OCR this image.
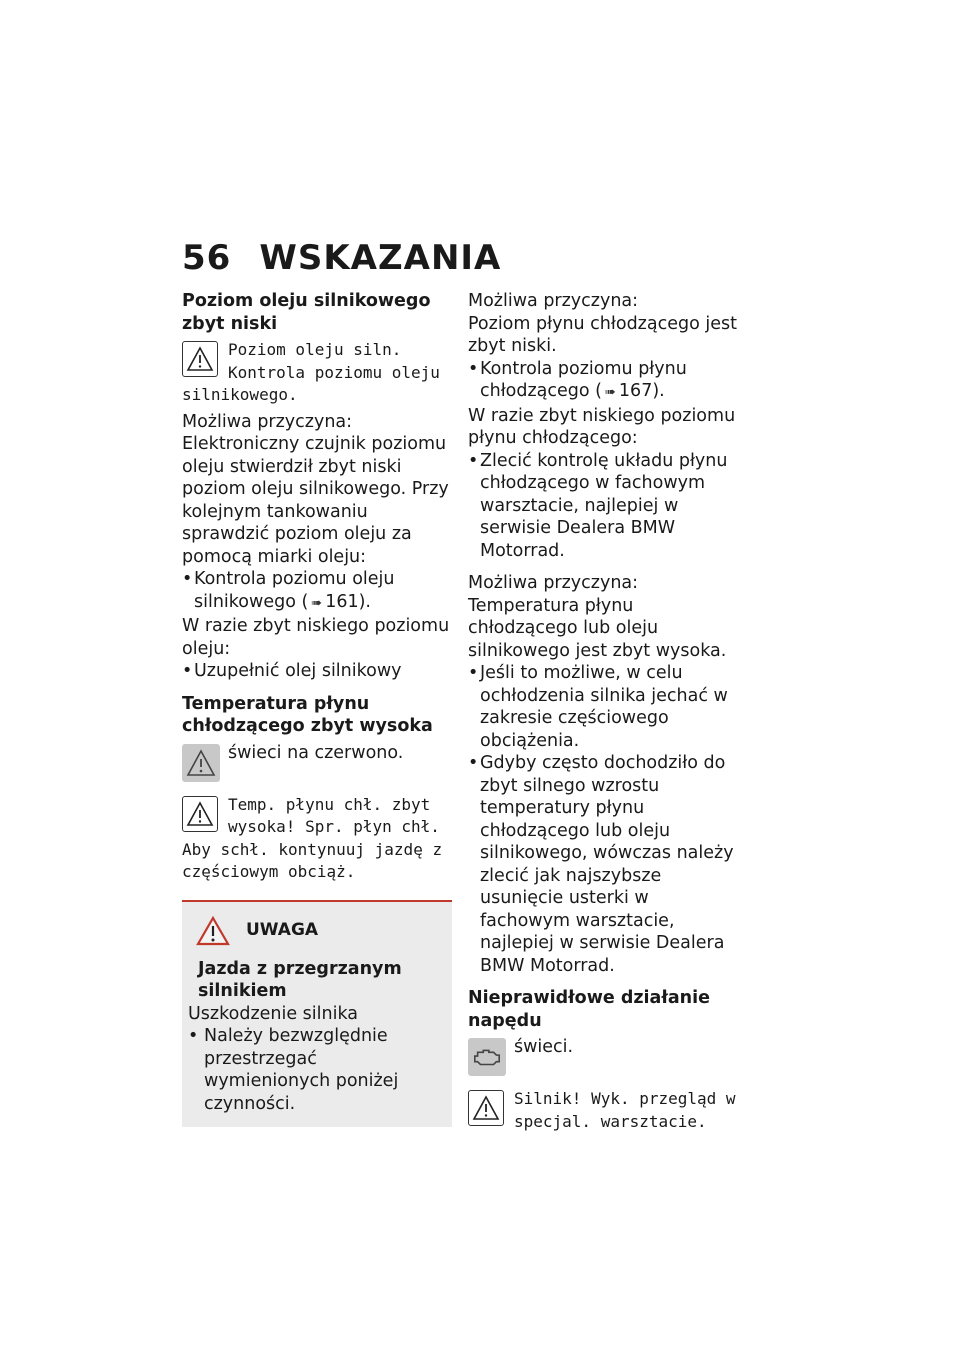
56 WSKAZANIA

Poziom oleju silnikowego zbyt niski

Poziom oleju siln. Kontrola poziomu oleju silnikowego.

Możliwa przyczyna:

Elektroniczny czujnik poziomu oleju stwierdził zbyt niski poziom oleju silnikowego. Przy kolejnym tankowaniu sprawdzić poziom oleju za pomocą miarki oleju:

• Kontrola poziomu oleju silnikowego ( ➠ 161).

W razie zbyt niskiego poziomu oleju:

• Uzupełnić olej silnikowy

Temperatura płynu chłodzącego zbyt wysoka

świeci na czerwono.
Temp. płynu chł. zbyt wysoka! Spr. płyn chł. Aby schł. kontynuuj jazdę z częściowym obciąż.
UWAGA

Jazda z przegrzanym silnikiem

Uszkodzenie silnika

• Należy bezwzględnie przestrzegać wymienionych poniżej czynności.

Możliwa przyczyna:

Poziom płynu chłodzącego jest zbyt niski.

• Kontrola poziomu płynu chłodzącego ( ➠ 167).

W razie zbyt niskiego poziomu płynu chłodzącego:

• Zlecić kontrolę układu płynu chłodzącego w fachowym warsztacie, najlepiej w serwisie Dealera BMW Motorrad.

Możliwa przyczyna:

Temperatura płynu chłodzącego lub oleju silnikowego jest zbyt wysoka.

• Jeśli to możliwe, w celu ochłodzenia silnika jechać w zakresie częściowego obciążenia.
• Gdyby często dochodziło do zbyt silnego wzrostu temperatury płynu chłodzącego lub oleju silnikowego, wówczas należy zlecić jak najszybsze usunięcie usterki w fachowym warsztacie, najlepiej w serwisie Dealera BMW Motorrad.

Nieprawidłowe działanie napędu

świeci.
Silnik! Wyk. przegląd w specjal. warsztacie.
